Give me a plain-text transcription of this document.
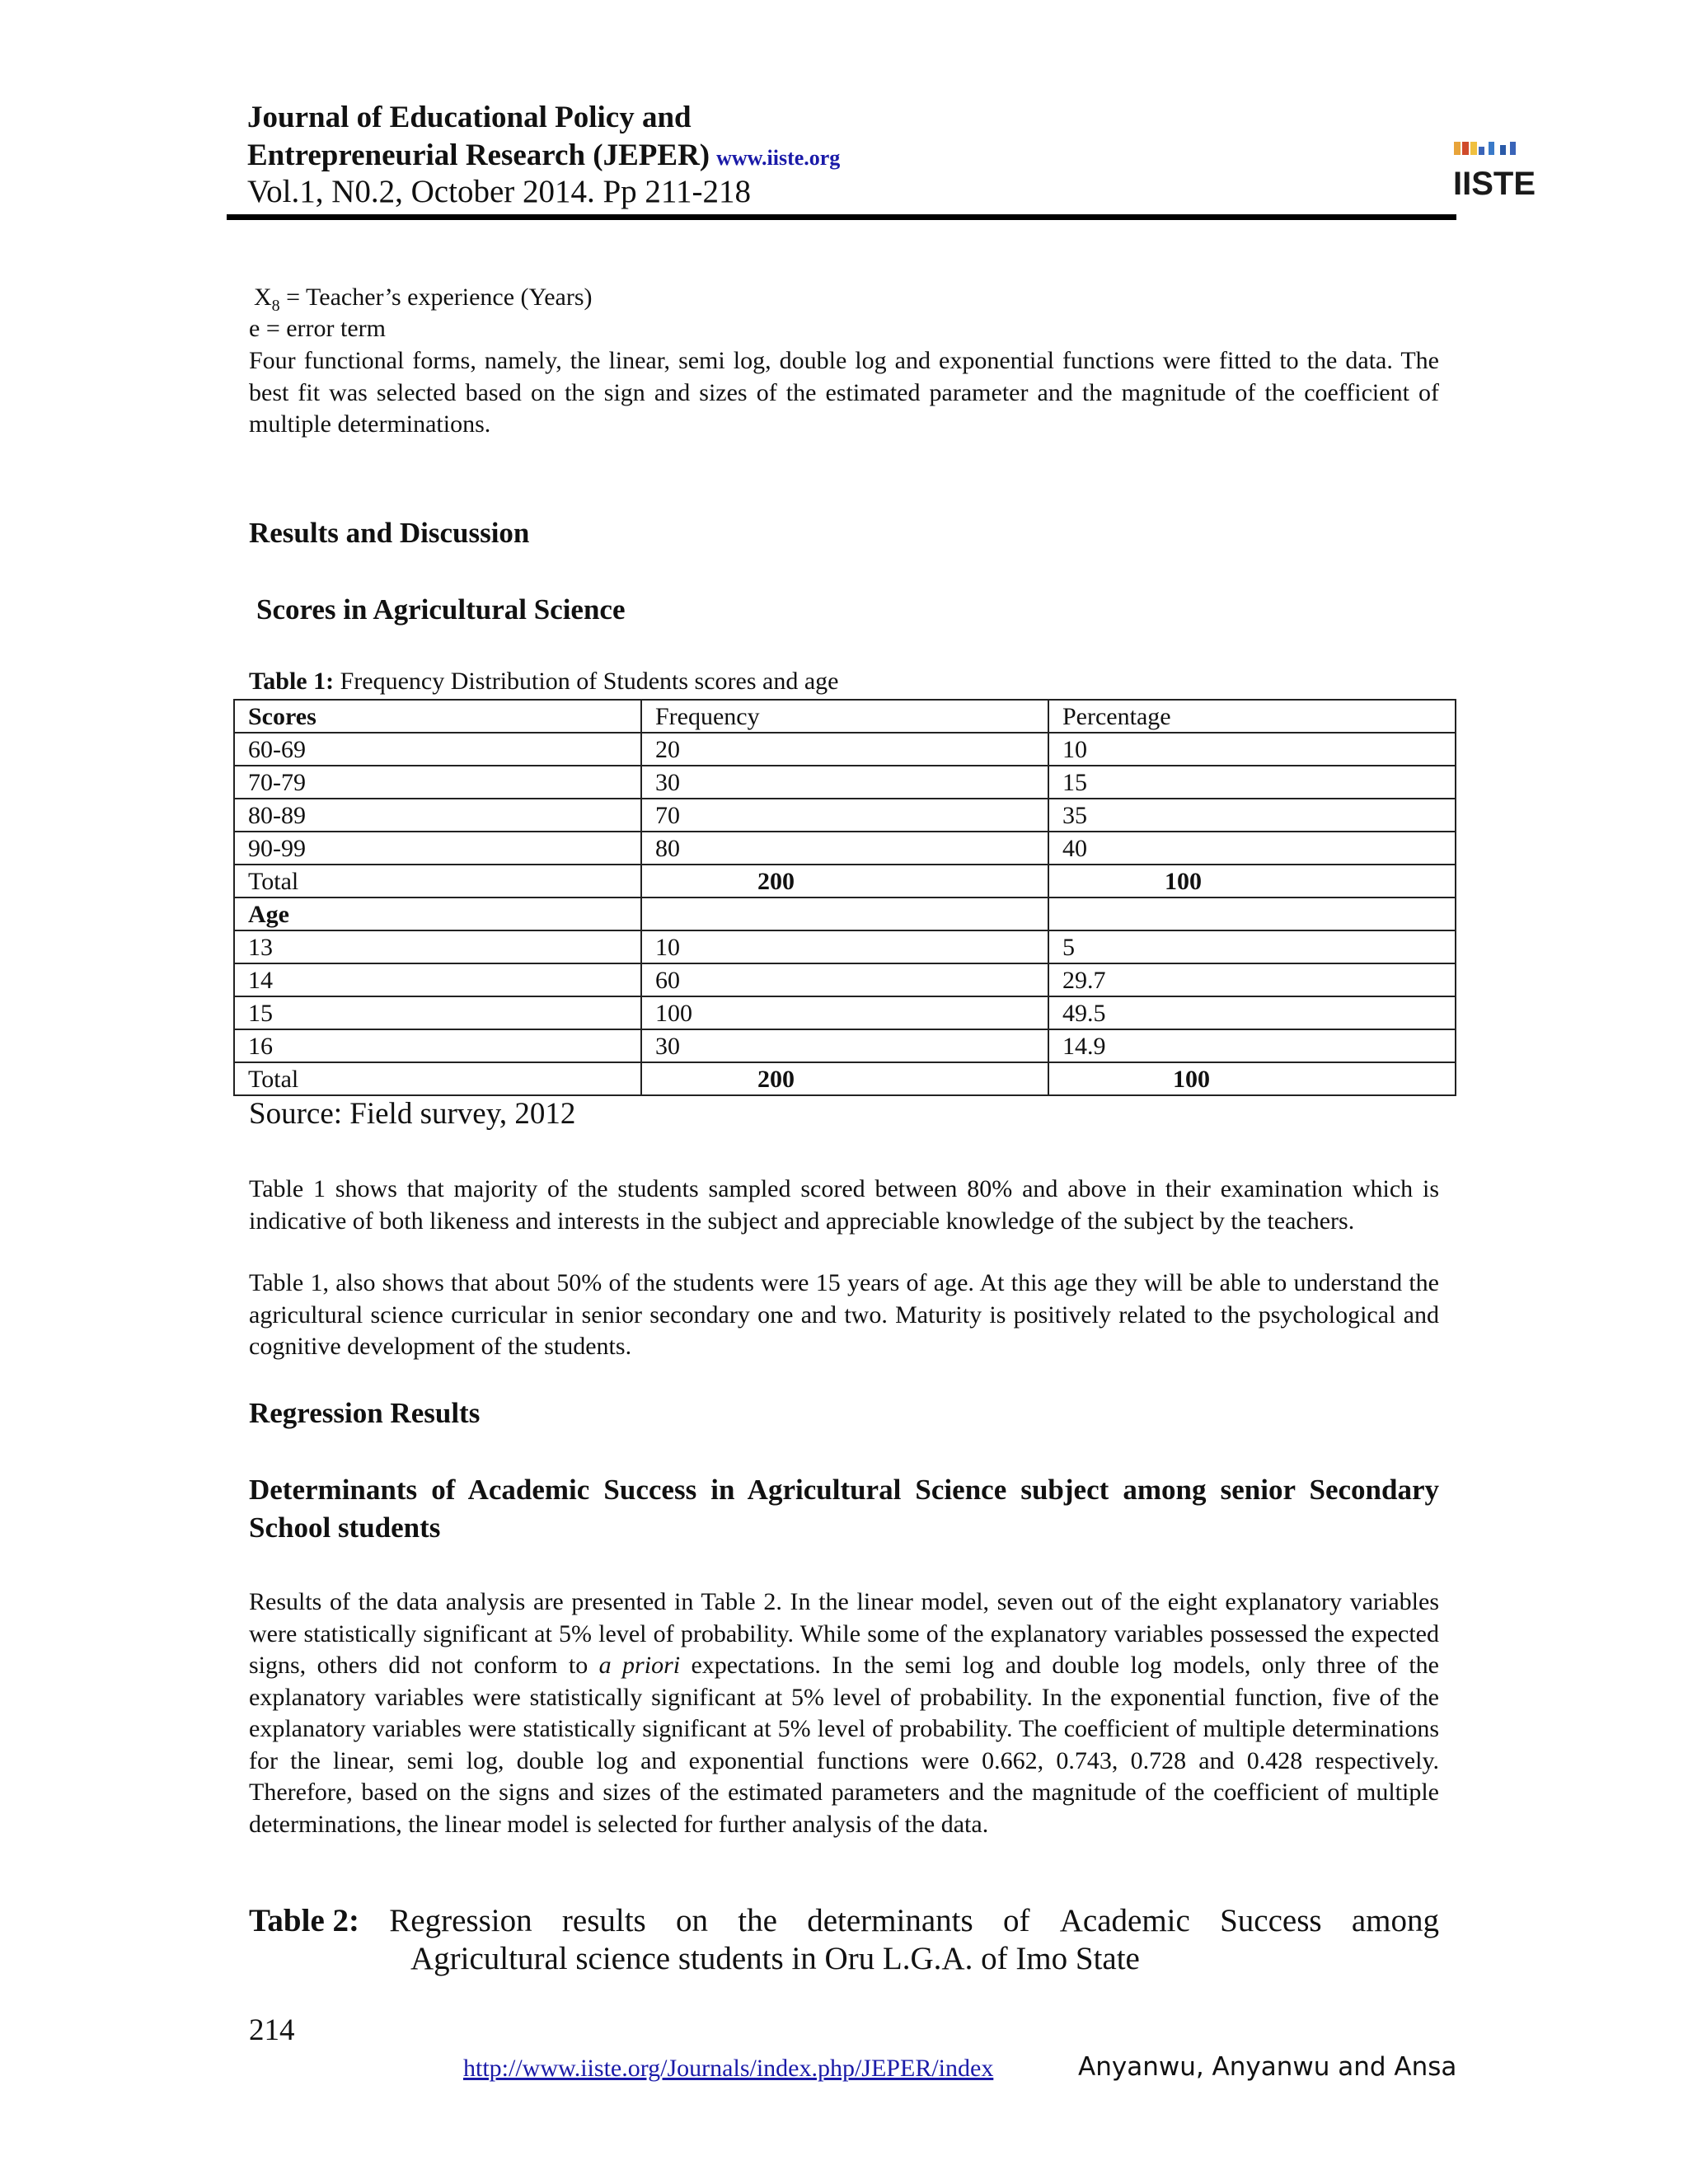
Journal of Educational Policy and
Entrepreneurial Research (JEPER) www.iiste.org
Vol.1, N0.2, October 2014. Pp 211-218	IISTE
$X_8$ = Teacher’s experience (Years)
e = error term
Four functional forms, namely, the linear, semi log, double log and exponential functions were fitted to the data. The best fit was selected based on the sign and sizes of the estimated parameter and the magnitude of the coefficient of multiple determinations.
Results and Discussion
Scores in Agricultural Science
Table 1: Frequency Distribution of Students scores and age
Scores	Frequency	Percentage
60-69	20	10
70-79	30	15
80-89	70	35
90-99	80	40
Total	200	100
Age		
13	10	5
14	60	29.7
15	100	49.5
16	30	14.9
Total	200	100
Source: Field survey, 2012
Table 1 shows that majority of the students sampled scored between 80% and above in their examination which is indicative of both likeness and interests in the subject and appreciable knowledge of the subject by the teachers.
Table 1, also shows that about 50% of the students were 15 years of age. At this age they will be able to understand the agricultural science curricular in senior secondary one and two. Maturity is positively related to the psychological and cognitive development of the students.
Regression Results
Determinants of Academic Success in Agricultural Science subject among senior Secondary School students
Results of the data analysis are presented in Table 2. In the linear model, seven out of the eight explanatory variables were statistically significant at 5% level of probability. While some of the explanatory variables possessed the expected signs, others did not conform to a priori expectations. In the semi log and double log models, only three of the explanatory variables were statistically significant at 5% level of probability. In the exponential function, five of the explanatory variables were statistically significant at 5% level of probability. The coefficient of multiple determinations for the linear, semi log, double log and exponential functions were 0.662, 0.743, 0.728 and 0.428 respectively. Therefore, based on the signs and sizes of the estimated parameters and the magnitude of the coefficient of multiple determinations, the linear model is selected for further analysis of the data.
Table 2: Regression results on the determinants of Academic Success among
Agricultural science students in Oru L.G.A. of Imo State
214
http://www.iiste.org/Journals/index.php/JEPER/index	Anyanwu, Anyanwu and Ansa
